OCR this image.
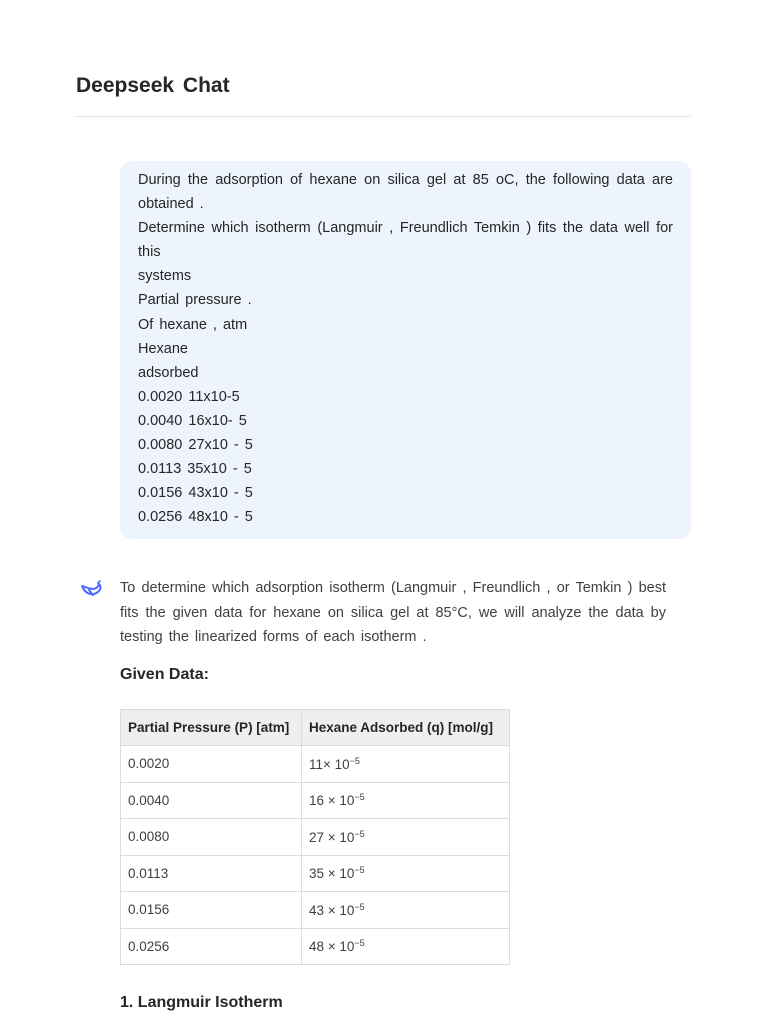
Deepseek Chat
During the adsorption of hexane on silica gel at 85 oC, the following data are obtained .
Determine which isotherm (Langmuir , Freundlich Temkin ) fits the data well for this
systems
Partial pressure .
Of hexane , atm
Hexane
adsorbed
0.0020 11x10-5
0.0040 16x10- 5
0.0080 27x10 - 5
0.0113 35x10 - 5
0.0156 43x10 - 5
0.0256 48x10 - 5

To determine which adsorption isotherm (Langmuir , Freundlich , or Temkin ) best fits the given data for hexane on silica gel at 85°C, we will analyze the data by testing the linearized forms of each isotherm .

Given Data:
Partial Pressure (P) [atm]	Hexane Adsorbed (q) [mol/g]
0.0020	$11\times 10^{-5}$
0.0040	$16 \times 10^{-5}$
0.0080	$27 \times 10^{-5}$
0.0113	$35 \times 10^{-5}$
0.0156	$43 \times 10^{-5}$
0.0256	$48 \times 10^{-5}$
1. Langmuir Isotherm
